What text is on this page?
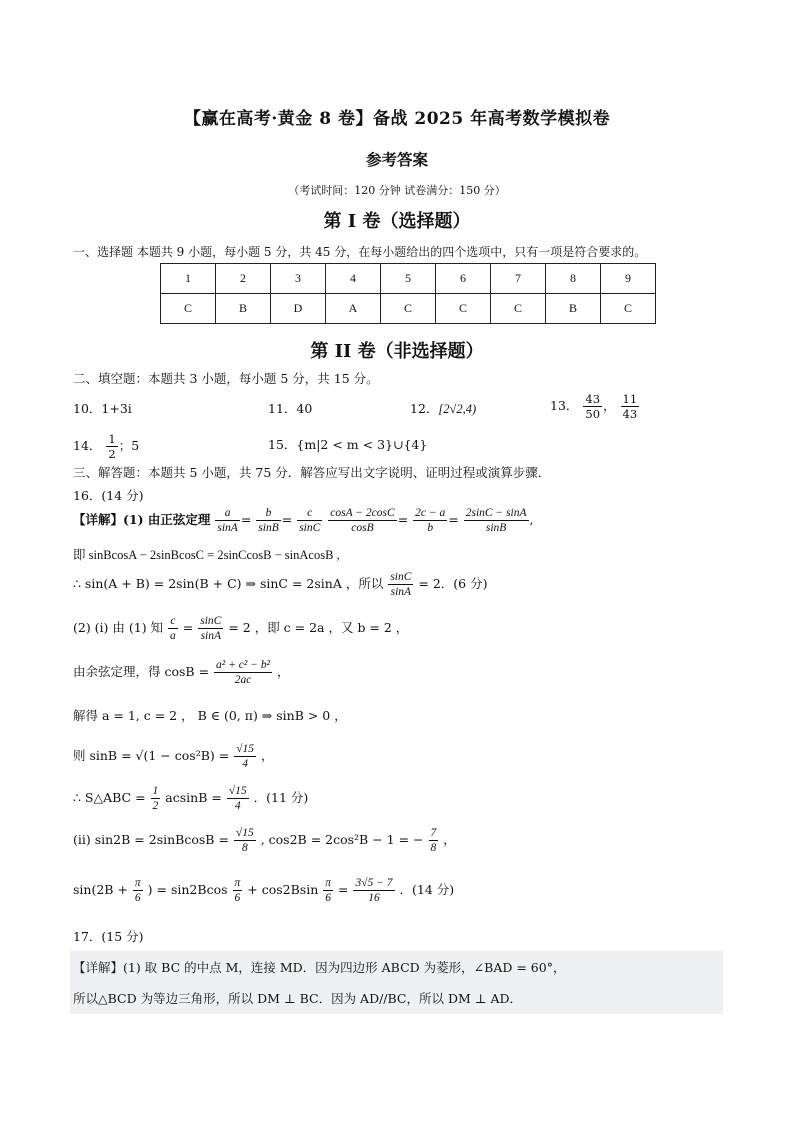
【赢在高考·黄金 8 卷】备战 2025 年高考数学模拟卷
参考答案
（考试时间：120 分钟 试卷满分：150 分）
第 I 卷（选择题）
一、选择题 本题共 9 小题，每小题 5 分，共 45 分，在每小题给出的四个选项中，只有一项是符合要求的。
1	2	3	4	5	6	7	8	9
C	B	D	A	C	C	C	B	C
第 II 卷（非选择题）
二、填空题：本题共 3 小题，每小题 5 分，共 15 分。
10．1+3i	11．40	12．[2√2,4)	13． $\frac{43}{50}$ ， $\frac{11}{43}$
14． $\frac{1}{2}$ ；5	15．{m|2 < m < 3}∪{4}
三、解答题：本题共 5 小题，共 75 分．解答应写出文字说明、证明过程或演算步骤．
16．(14 分)
【详解】(1) 由正弦定理 $\frac{a}{\sin A} = \frac{b}{\sin B} = \frac{c}{\sin C}$
$\frac{\cos A - 2\cos C}{\cos B} = \frac{2c - a}{b} = \frac{2\sin C - \sin A}{\sin B}$ ,
即 sinBcosA − 2sinBcosC = 2sinCcosB − sinAcosB ,
∴ sin(A + B) = 2sin(B + C) ⇒ sinC = 2sinA ，所以 $\frac{\sin C}{\sin A} = 2$．(6 分)
(2) (i) 由 (1) 知 $\frac{c}{a} = \frac{\sin C}{\sin A} = 2$ ，即 c = 2a ，又 b = 2 ，
由余弦定理，得 $\cos B = \frac{\text{a² + c² − b²}}{2ac}$ ，
解得 a = 1, c = 2 ， B ∈ (0, π) ⇒ sinB > 0 ，
则 $\sin B = √(1 - \cos^2B) = \frac{√15}{4}$ ，
∴ S△ABC = $\frac{1}{2}$ $acsinB = \frac{√15}{4}$ ．(11 分)
(ii) sin2B = 2sinBcosB = $\frac{√15}{8}$ , cos2B = 2cos²B − 1 = − $\frac{7}{8}$ ，
$\sin(2B + \frac{\pi}{6}$ ) = $\sin 2Bcos \frac{\pi}{6} + \cos 2Bsin \frac{\pi}{6} = \frac{3√5 - 7}{16}$ ．(14 分)
17．(15 分)
【详解】(1) 取 BC 的中点 M，连接 MD．因为四边形 ABCD 为菱形，∠BAD = 60°，
所以△BCD 为等边三角形，所以 DM ⊥ BC．因为 AD//BC，所以 DM ⊥ AD．
